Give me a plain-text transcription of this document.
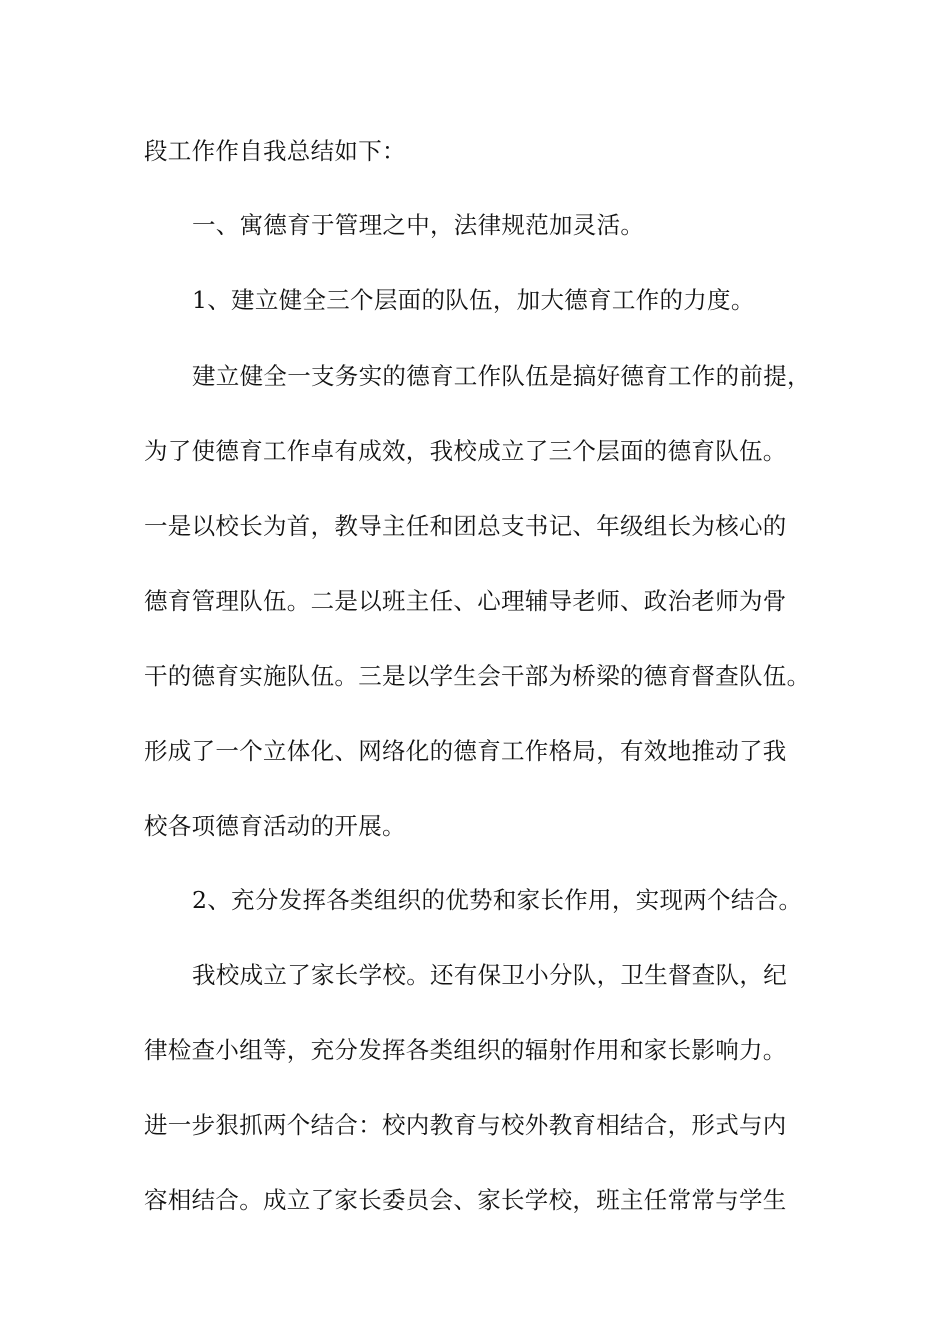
段工作作自我总结如下：
一、寓德育于管理之中，法律规范加灵活。
1、建立健全三个层面的队伍，加大德育工作的力度。
建立健全一支务实的德育工作队伍是搞好德育工作的前提，
为了使德育工作卓有成效，我校成立了三个层面的德育队伍。
一是以校长为首，教导主任和团总支书记、年级组长为核心的
德育管理队伍。二是以班主任、心理辅导老师、政治老师为骨
干的德育实施队伍。三是以学生会干部为桥梁的德育督查队伍。
形成了一个立体化、网络化的德育工作格局，有效地推动了我
校各项德育活动的开展。
2、充分发挥各类组织的优势和家长作用，实现两个结合。
我校成立了家长学校。还有保卫小分队，卫生督查队，纪
律检查小组等，充分发挥各类组织的辐射作用和家长影响力。
进一步狠抓两个结合：校内教育与校外教育相结合，形式与内
容相结合。成立了家长委员会、家长学校，班主任常常与学生
